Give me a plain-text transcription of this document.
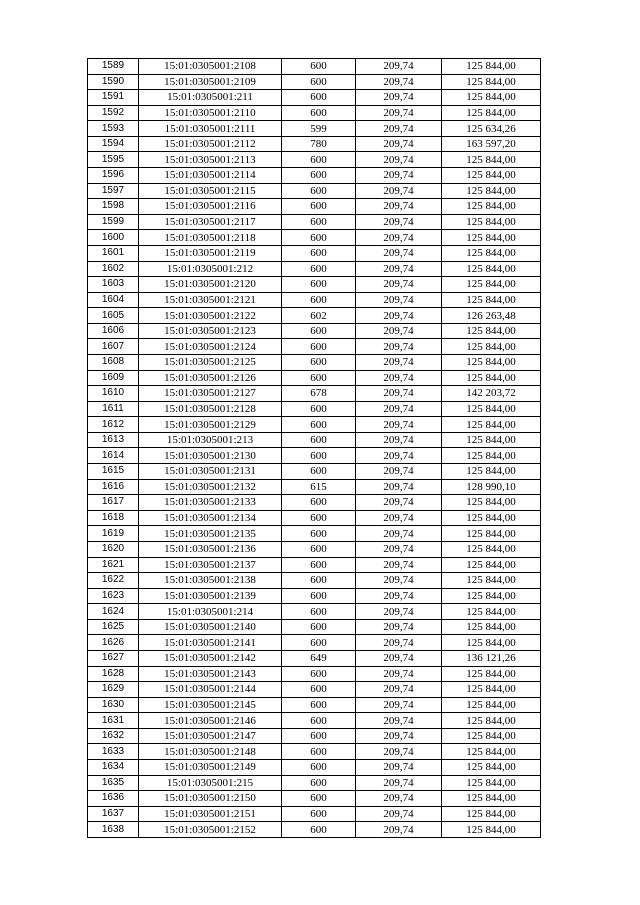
1589	15:01:0305001:2108	600	209,74	125 844,00
1590	15:01:0305001:2109	600	209,74	125 844,00
1591	15:01:0305001:211	600	209,74	125 844,00
1592	15:01:0305001:2110	600	209,74	125 844,00
1593	15:01:0305001:2111	599	209,74	125 634,26
1594	15:01:0305001:2112	780	209,74	163 597,20
1595	15:01:0305001:2113	600	209,74	125 844,00
1596	15:01:0305001:2114	600	209,74	125 844,00
1597	15:01:0305001:2115	600	209,74	125 844,00
1598	15:01:0305001:2116	600	209,74	125 844,00
1599	15:01:0305001:2117	600	209,74	125 844,00
1600	15:01:0305001:2118	600	209,74	125 844,00
1601	15:01:0305001:2119	600	209,74	125 844,00
1602	15:01:0305001:212	600	209,74	125 844,00
1603	15:01:0305001:2120	600	209,74	125 844,00
1604	15:01:0305001:2121	600	209,74	125 844,00
1605	15:01:0305001:2122	602	209,74	126 263,48
1606	15:01:0305001:2123	600	209,74	125 844,00
1607	15:01:0305001:2124	600	209,74	125 844,00
1608	15:01:0305001:2125	600	209,74	125 844,00
1609	15:01:0305001:2126	600	209,74	125 844,00
1610	15:01:0305001:2127	678	209,74	142 203,72
1611	15:01:0305001:2128	600	209,74	125 844,00
1612	15:01:0305001:2129	600	209,74	125 844,00
1613	15:01:0305001:213	600	209,74	125 844,00
1614	15:01:0305001:2130	600	209,74	125 844,00
1615	15:01:0305001:2131	600	209,74	125 844,00
1616	15:01:0305001:2132	615	209,74	128 990,10
1617	15:01:0305001:2133	600	209,74	125 844,00
1618	15:01:0305001:2134	600	209,74	125 844,00
1619	15:01:0305001:2135	600	209,74	125 844,00
1620	15:01:0305001:2136	600	209,74	125 844,00
1621	15:01:0305001:2137	600	209,74	125 844,00
1622	15:01:0305001:2138	600	209,74	125 844,00
1623	15:01:0305001:2139	600	209,74	125 844,00
1624	15:01:0305001:214	600	209,74	125 844,00
1625	15:01:0305001:2140	600	209,74	125 844,00
1626	15:01:0305001:2141	600	209,74	125 844,00
1627	15:01:0305001:2142	649	209,74	136 121,26
1628	15:01:0305001:2143	600	209,74	125 844,00
1629	15:01:0305001:2144	600	209,74	125 844,00
1630	15:01:0305001:2145	600	209,74	125 844,00
1631	15:01:0305001:2146	600	209,74	125 844,00
1632	15:01:0305001:2147	600	209,74	125 844,00
1633	15:01:0305001:2148	600	209,74	125 844,00
1634	15:01:0305001:2149	600	209,74	125 844,00
1635	15:01:0305001:215	600	209,74	125 844,00
1636	15:01:0305001:2150	600	209,74	125 844,00
1637	15:01:0305001:2151	600	209,74	125 844,00
1638	15:01:0305001:2152	600	209,74	125 844,00
